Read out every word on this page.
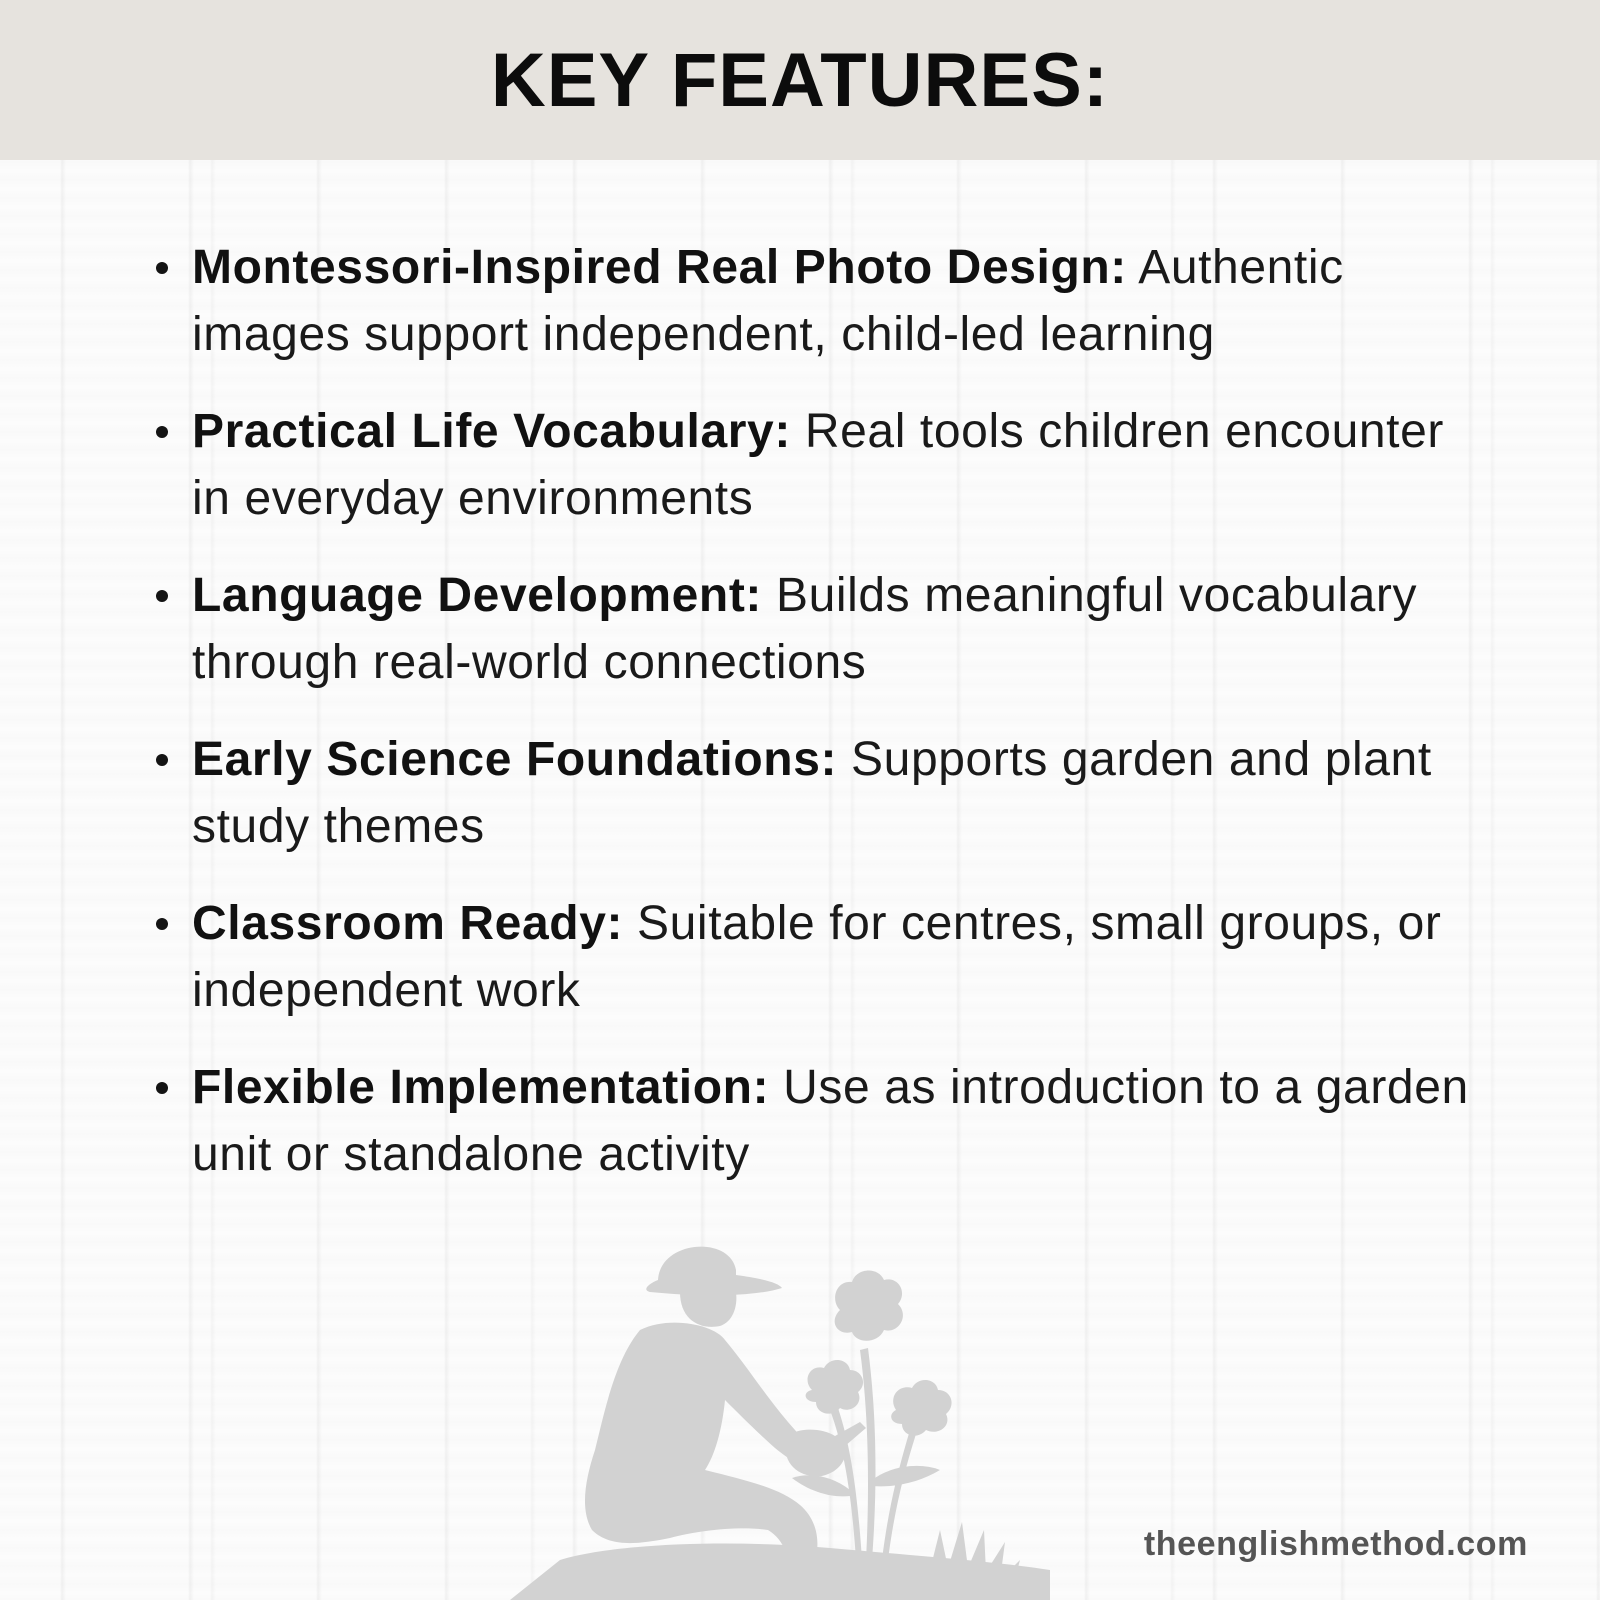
KEY FEATURES:
Montessori-Inspired Real Photo Design: Authentic images support independent, child-led learning
Practical Life Vocabulary: Real tools children encounter in everyday environments
Language Development: Builds meaningful vocabulary through real-world connections
Early Science Foundations: Supports garden and plant study themes
Classroom Ready: Suitable for centres, small groups, or independent work
Flexible Implementation: Use as introduction to a garden unit or standalone activity
theenglishmethod.com
